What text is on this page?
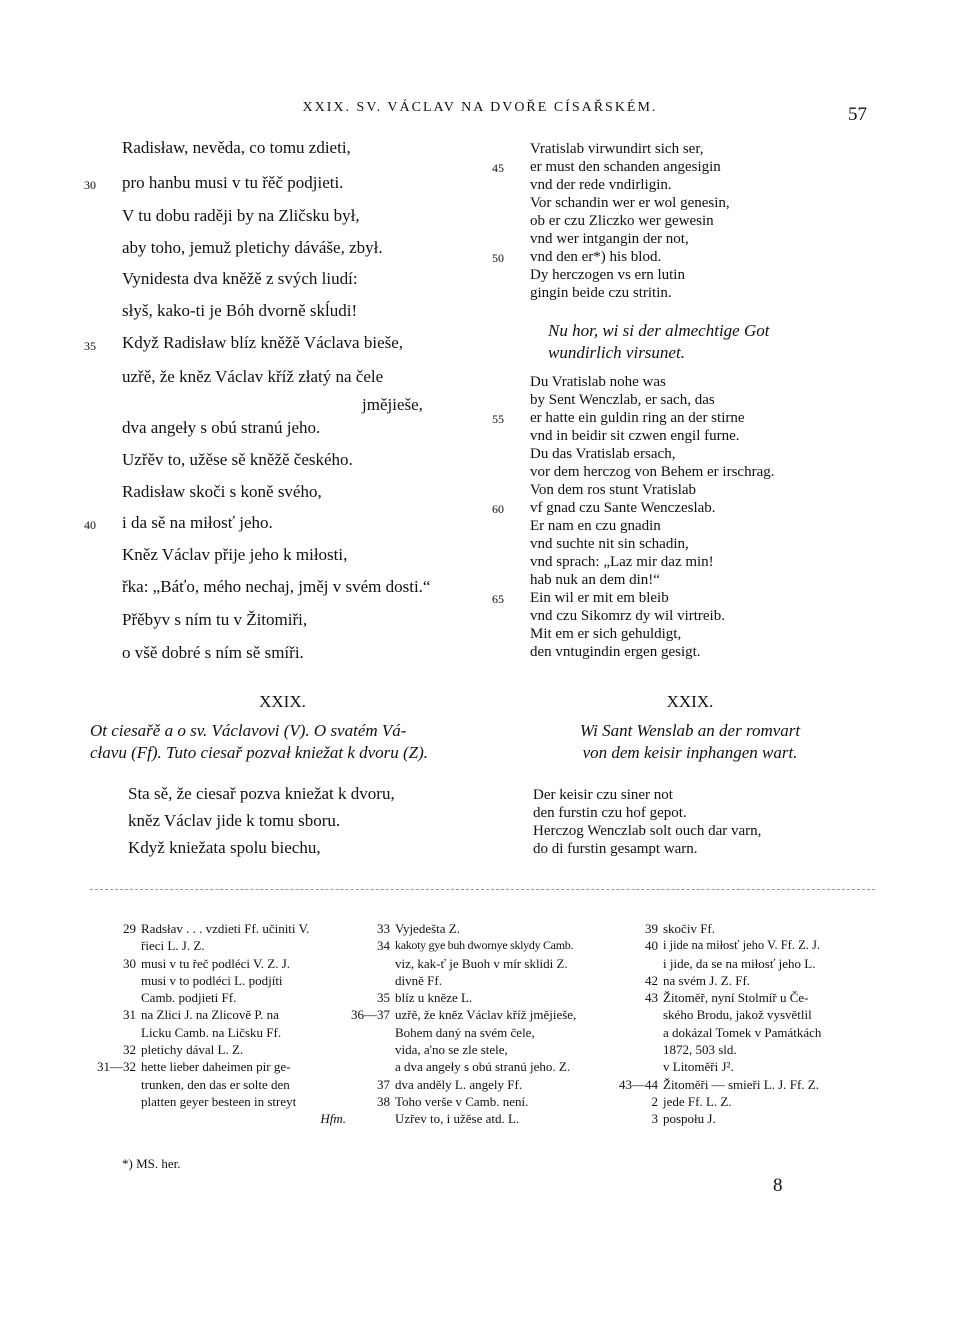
XXIX. SV. VÁCLAV NA DVOŘE CÍSAŘSKÉM.	57
Radisław, nevěda, co tomu zdieti,
pro hanbu musi v tu řěč podjieti.
V tu dobu raději by na Zličsku był,
aby toho, jemuž pletichy dáváše, zbył.
Vynidesta dva kněžě z svých liudí:
słyš, kako-ti je Bóh dvorně skĺudi!
Když Radisław blíz kněžě Václava bieše,
uzřě, že kněz Václav kříž złatý na čele
jmějieše,
dva angeły s obú stranú jeho.
Uzřěv to, užěse sě kněžě českého.
Radisław skoči s koně svého,
i da sě na miłosť jeho.
Kněz Václav přije jeho k miłosti,
řka: „Báťo, mého nechaj, jměj v svém dosti.“
Přěbyv s ním tu v Žitomiři,
o všě dobré s ním sě smíři.
30
35
40
Vratislab virwundirt sich ser,
er must den schanden angesigin
vnd der rede vndirligin.
Vor schandin wer er wol genesin,
ob er czu Zliczko wer gewesin
vnd wer intgangin der not,
vnd den er*) his blod.
Dy herczogen vs ern lutin
gingin beide czu stritin.
Nu hor, wi si der almechtige Got
wundirlich virsunet.
Du Vratislab nohe was
by Sent Wenczlab, er sach, das
er hatte ein guldin ring an der stirne
vnd in beidir sit czwen engil furne.
Du das Vratislab ersach,
vor dem herczog von Behem er irschrag.
Von dem ros stunt Vratislab
vf gnad czu Sante Wenczeslab.
Er nam en czu gnadin
vnd suchte nit sin schadin,
vnd sprach: „Laz mir daz min!
hab nuk an dem din!“
Ein wil er mit em bleib
vnd czu Sikomrz dy wil virtreib.
Mit em er sich gehuldigt,
den vntugindin ergen gesigt.
45
50
55
60
65
XXIX.
Ot ciesařě a o sv. Václavovi (V). O svatém Vá-
cłavu (Ff). Tuto ciesař pozvał kniežat k dvoru (Z).
Sta sě, že ciesař pozva kniežat k dvoru,
kněz Václav jide k tomu sboru.
Když kniežata spolu biechu,
XXIX.
Wi Sant Wenslab an der romvart
von dem keisir inphangen wart.
Der keisir czu siner not
den furstin czu hof gepot.
Herczog Wenczlab solt ouch dar varn,
do di furstin gesampt warn.
29 Radsłav . . . vzdieti Ff. učiniti V.
řieci L. J. Z.
30 musi v tu řeč podléci V. Z. J.
musi v to podléci L. podjíti
Camb. podjieti Ff.
31 na Zlici J. na Zlicově P. na
Licku Camb. na Ličsku Ff.
32 pletichy dával L. Z.
31—32 hette lieber daheimen pir ge-
trunken, den das er solte den
platten geyer besteen in streyt
Hfm.
33 Vyjedešta Z.
34 kakoty gye buh dwornye sklydy Camb.
viz, kak-ť je Buoh v mír sklidi Z.
divně Ff.
35 blíz u kněze L.
36—37 uzřě, že kněz Václav kříž jmějieše,
Bohem daný na svém čele,
vida, a'no se zle stele,
a dva angeły s obú stranú jeho. Z.
37 dva anděly L. angely Ff.
38 Toho verše v Camb. není.
Uzřev to, i užěse atd. L.
39 skočiv Ff.
40 i jide na miłosť jeho V. Ff. Z. J.
i jide, da se na miłosť jeho L.
42 na svém J. Z. Ff.
43 Žitoměř, nyní Stolmíř u Če-
ského Brodu, jakož vysvětlil
a dokázal Tomek v Památkách
1872, 503 sld.
v Litoměři J².
43—44 Žitoměři — smieři L. J. Ff. Z.
2 jede Ff. L. Z.
3 pospołu J.
*) MS. her.
8
